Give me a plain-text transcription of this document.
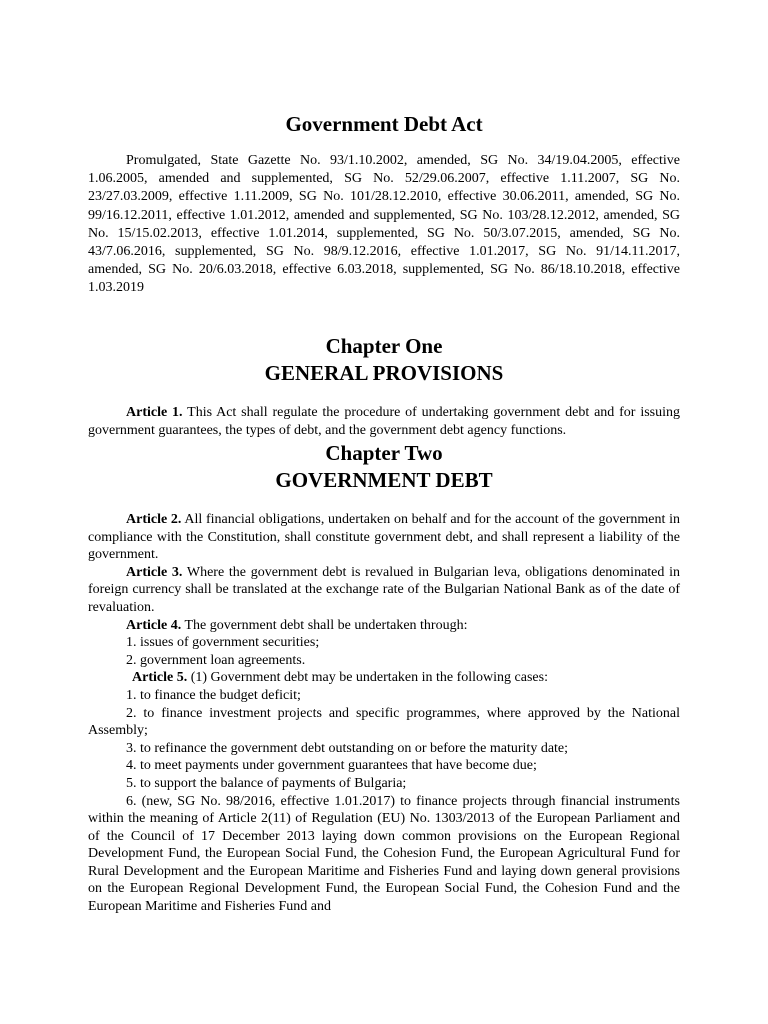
Government Debt Act

Promulgated, State Gazette No. 93/1.10.2002, amended, SG No. 34/19.04.2005, effective 1.06.2005, amended and supplemented, SG No. 52/29.06.2007, effective 1.11.2007, SG No. 23/27.03.2009, effective 1.11.2009, SG No. 101/28.12.2010, effective 30.06.2011, amended, SG No. 99/16.12.2011, effective 1.01.2012, amended and supplemented, SG No. 103/28.12.2012, amended, SG No. 15/15.02.2013, effective 1.01.2014, supplemented, SG No. 50/3.07.2015, amended, SG No. 43/7.06.2016, supplemented, SG No. 98/9.12.2016, effective 1.01.2017, SG No. 91/14.11.2017, amended, SG No. 20/6.03.2018, effective 6.03.2018, supplemented, SG No. 86/18.10.2018, effective 1.03.2019

Chapter One
GENERAL PROVISIONS

Article 1. This Act shall regulate the procedure of undertaking government debt and for issuing government guarantees, the types of debt, and the government debt agency functions.

Chapter Two
GOVERNMENT DEBT

Article 2. All financial obligations, undertaken on behalf and for the account of the government in compliance with the Constitution, shall constitute government debt, and shall represent a liability of the government.

Article 3. Where the government debt is revalued in Bulgarian leva, obligations denominated in foreign currency shall be translated at the exchange rate of the Bulgarian National Bank as of the date of revaluation.

Article 4. The government debt shall be undertaken through:

1. issues of government securities;

2. government loan agreements.

Article 5. (1) Government debt may be undertaken in the following cases:

1. to finance the budget deficit;

2. to finance investment projects and specific programmes, where approved by the National Assembly;

3. to refinance the government debt outstanding on or before the maturity date;

4. to meet payments under government guarantees that have become due;

5. to support the balance of payments of Bulgaria;

6. (new, SG No. 98/2016, effective 1.01.2017) to finance projects through financial instruments within the meaning of Article 2(11) of Regulation (EU) No. 1303/2013 of the European Parliament and of the Council of 17 December 2013 laying down common provisions on the European Regional Development Fund, the European Social Fund, the Cohesion Fund, the European Agricultural Fund for Rural Development and the European Maritime and Fisheries Fund and laying down general provisions on the European Regional Development Fund, the European Social Fund, the Cohesion Fund and the European Maritime and Fisheries Fund and
